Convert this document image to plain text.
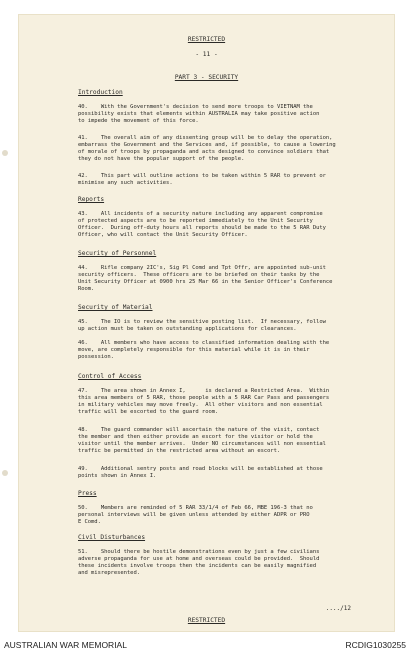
RESTRICTED
- 11 -
PART 3 - SECURITY
Introduction
40.    With the Government's decision to send more troops to VIETNAM the
possibility exists that elements within AUSTRALIA may take positive action
to impede the movement of this force.
41.    The overall aim of any dissenting group will be to delay the operation,
embarrass the Government and the Services and, if possible, to cause a lowering
of morale of troops by propaganda and acts designed to convince soldiers that
they do not have the popular support of the people.
42.    This part will outline actions to be taken within 5 RAR to prevent or
minimise any such activities.
Reports
43.    All incidents of a security nature including any apparent compromise
of protected aspects are to be reported immediately to the Unit Security
Officer.  During off-duty hours all reports should be made to the 5 RAR Duty
Officer, who will contact the Unit Security Officer.
Security of Personnel
44.    Rifle company 2IC's, Sig Pl Comd and Tpt Offr, are appointed sub-unit
security officers.  These officers are to be briefed on their tasks by the
Unit Security Officer at 0900 hrs 25 Mar 66 in the Senior Officer's Conference
Room.
Security of Material
45.    The IO is to review the sensitive posting list.  If necessary, follow
up action must be taken on outstanding applications for clearances.
46.    All members who have access to classified information dealing with the
move, are completely responsible for this material while it is in their
possession.
Control of Access
47.    The area shown in Annex I,      is declared a Restricted Area.  Within
this area members of 5 RAR, those people with a 5 RAR Car Pass and passengers
in military vehicles may move freely.  All other visitors and non essential
traffic will be escorted to the guard room.
48.    The guard commander will ascertain the nature of the visit, contact
the member and then either provide an escort for the visitor or hold the
visitor until the member arrives.  Under NO circumstances will non essential
traffic be permitted in the restricted area without an escort.
49.    Additional sentry posts and road blocks will be established at those
points shown in Annex I.
Press
50.    Members are reminded of 5 RAR 33/1/4 of Feb 66, MBE 196-3 that no
personal interviews will be given unless attended by either ADPR or PRO
E Comd.
Civil Disturbances
51.    Should there be hostile demonstrations even by just a few civilians
adverse propaganda for use at home and overseas could be provided.  Should
these incidents involve troops then the incidents can be easily magnified
and misrepresented.
..../12
RESTRICTED
AUSTRALIAN WAR MEMORIAL	RCDIG1030255
